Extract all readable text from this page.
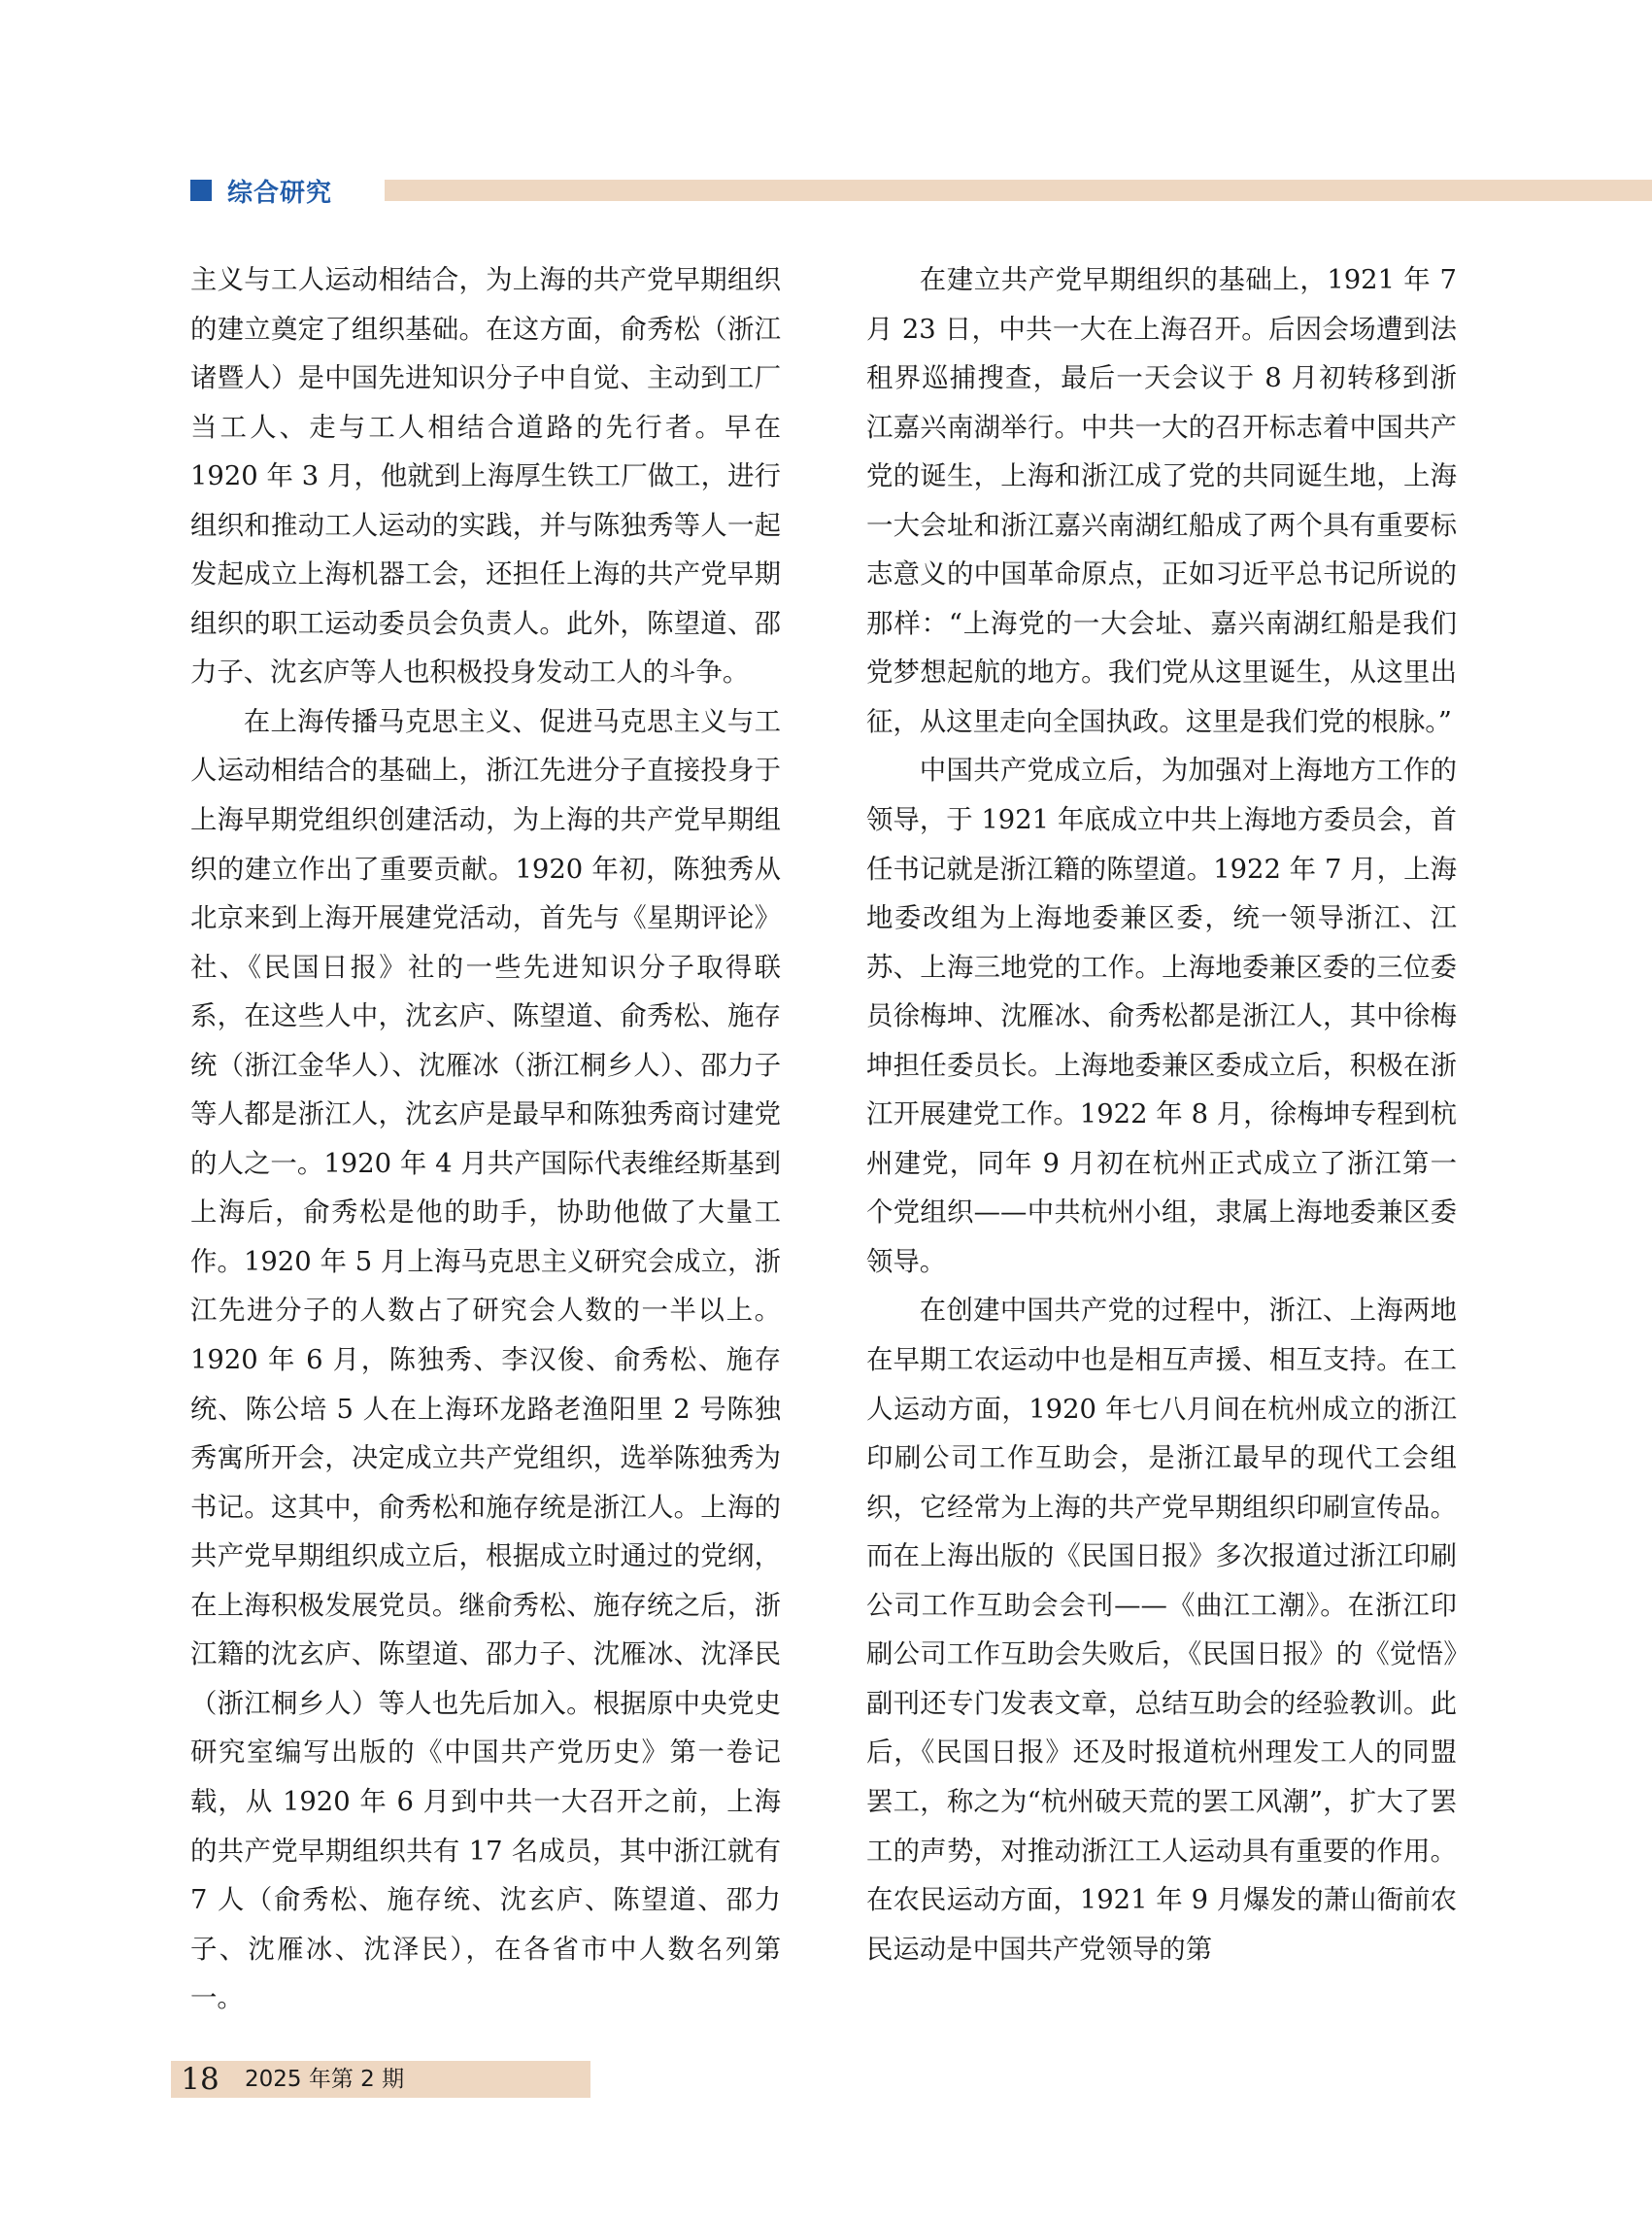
综合研究

主义与工人运动相结合，为上海的共产党早期组织的建立奠定了组织基础。在这方面，俞秀松（浙江诸暨人）是中国先进知识分子中自觉、主动到工厂当工人、走与工人相结合道路的先行者。早在 1920 年 3 月，他就到上海厚生铁工厂做工，进行组织和推动工人运动的实践，并与陈独秀等人一起发起成立上海机器工会，还担任上海的共产党早期组织的职工运动委员会负责人。此外，陈望道、邵力子、沈玄庐等人也积极投身发动工人的斗争。

在上海传播马克思主义、促进马克思主义与工人运动相结合的基础上，浙江先进分子直接投身于上海早期党组织创建活动，为上海的共产党早期组织的建立作出了重要贡献。1920 年初，陈独秀从北京来到上海开展建党活动，首先与《星期评论》社、《民国日报》社的一些先进知识分子取得联系，在这些人中，沈玄庐、陈望道、俞秀松、施存统（浙江金华人）、沈雁冰（浙江桐乡人）、邵力子等人都是浙江人，沈玄庐是最早和陈独秀商讨建党的人之一。1920 年 4 月共产国际代表维经斯基到上海后，俞秀松是他的助手，协助他做了大量工作。1920 年 5 月上海马克思主义研究会成立，浙江先进分子的人数占了研究会人数的一半以上。1920 年 6 月，陈独秀、李汉俊、俞秀松、施存统、陈公培 5 人在上海环龙路老渔阳里 2 号陈独秀寓所开会，决定成立共产党组织，选举陈独秀为书记。这其中，俞秀松和施存统是浙江人。上海的共产党早期组织成立后，根据成立时通过的党纲，在上海积极发展党员。继俞秀松、施存统之后，浙江籍的沈玄庐、陈望道、邵力子、沈雁冰、沈泽民（浙江桐乡人）等人也先后加入。根据原中央党史研究室编写出版的《中国共产党历史》第一卷记载，从 1920 年 6 月到中共一大召开之前，上海的共产党早期组织共有 17 名成员，其中浙江就有 7 人（俞秀松、施存统、沈玄庐、陈望道、邵力子、沈雁冰、沈泽民），在各省市中人数名列第一。

在建立共产党早期组织的基础上，1921 年 7 月 23 日，中共一大在上海召开。后因会场遭到法租界巡捕搜查，最后一天会议于 8 月初转移到浙江嘉兴南湖举行。中共一大的召开标志着中国共产党的诞生，上海和浙江成了党的共同诞生地，上海一大会址和浙江嘉兴南湖红船成了两个具有重要标志意义的中国革命原点，正如习近平总书记所说的那样：“上海党的一大会址、嘉兴南湖红船是我们党梦想起航的地方。我们党从这里诞生，从这里出征，从这里走向全国执政。这里是我们党的根脉。”

中国共产党成立后，为加强对上海地方工作的领导，于 1921 年底成立中共上海地方委员会，首任书记就是浙江籍的陈望道。1922 年 7 月，上海地委改组为上海地委兼区委，统一领导浙江、江苏、上海三地党的工作。上海地委兼区委的三位委员徐梅坤、沈雁冰、俞秀松都是浙江人，其中徐梅坤担任委员长。上海地委兼区委成立后，积极在浙江开展建党工作。1922 年 8 月，徐梅坤专程到杭州建党，同年 9 月初在杭州正式成立了浙江第一个党组织——中共杭州小组，隶属上海地委兼区委领导。

在创建中国共产党的过程中，浙江、上海两地在早期工农运动中也是相互声援、相互支持。在工人运动方面，1920 年七八月间在杭州成立的浙江印刷公司工作互助会，是浙江最早的现代工会组织，它经常为上海的共产党早期组织印刷宣传品。而在上海出版的《民国日报》多次报道过浙江印刷公司工作互助会会刊——《曲江工潮》。在浙江印刷公司工作互助会失败后，《民国日报》的《觉悟》副刊还专门发表文章，总结互助会的经验教训。此后，《民国日报》还及时报道杭州理发工人的同盟罢工，称之为“杭州破天荒的罢工风潮”，扩大了罢工的声势，对推动浙江工人运动具有重要的作用。在农民运动方面，1921 年 9 月爆发的萧山衙前农民运动是中国共产党领导的第

18	2025 年第 2 期
